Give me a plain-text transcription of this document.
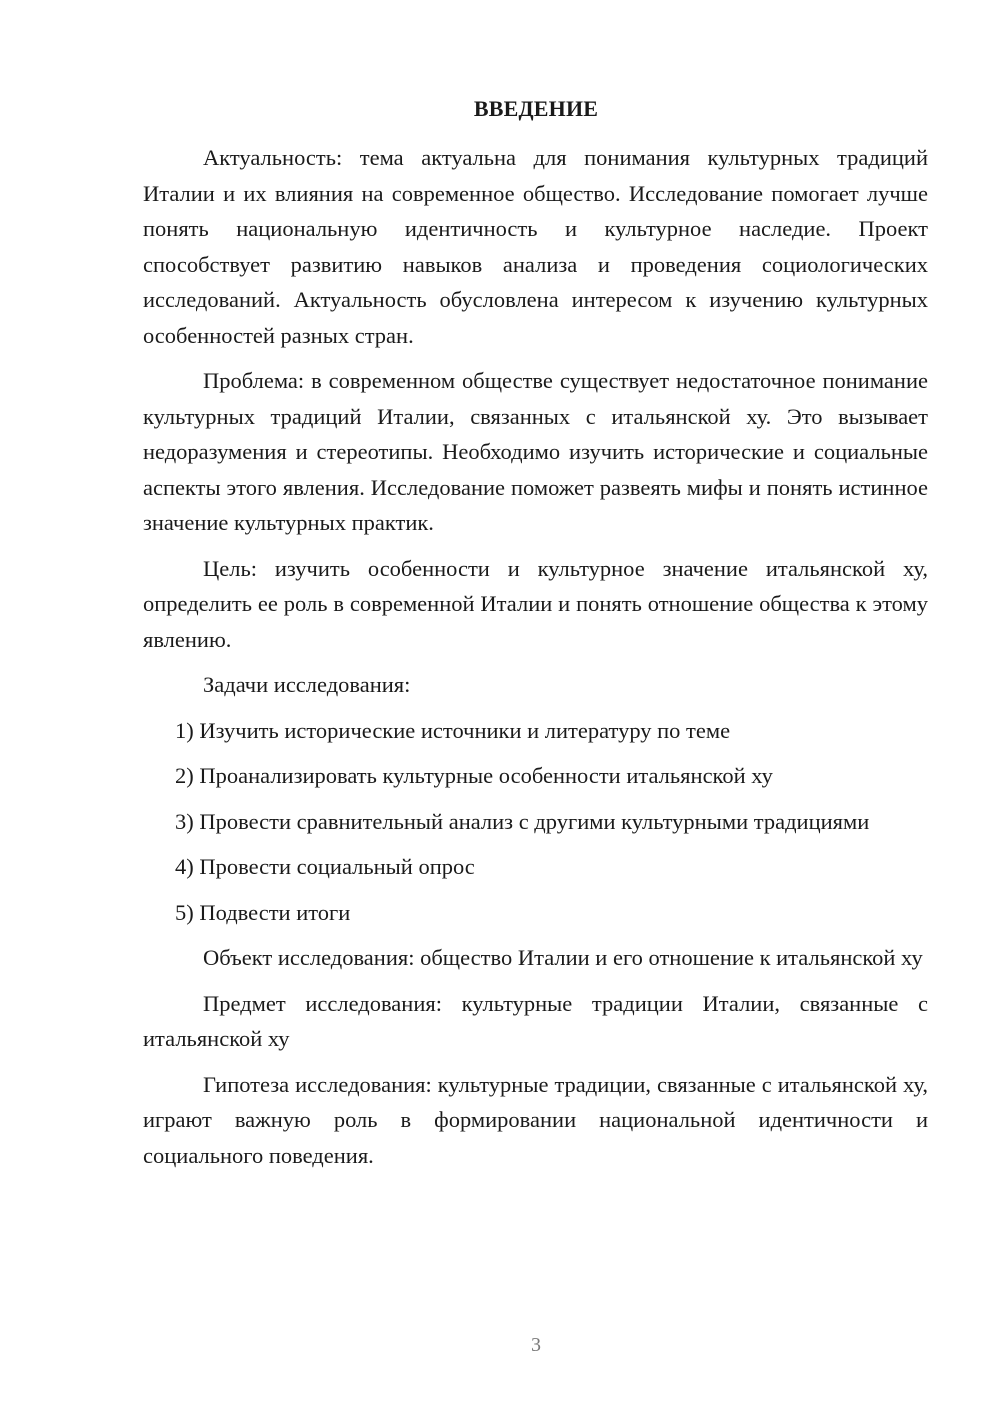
ВВЕДЕНИЕ

Актуальность: тема актуальна для понимания культурных традиций Италии и их влияния на современное общество. Исследование помогает лучше понять национальную идентичность и культурное наследие. Проект способствует развитию навыков анализа и проведения социологических исследований. Актуальность обусловлена интересом к изучению культурных особенностей разных стран.

Проблема: в современном обществе существует недостаточное понимание культурных традиций Италии, связанных с итальянской ху. Это вызывает недоразумения и стереотипы. Необходимо изучить исторические и социальные аспекты этого явления. Исследование поможет развеять мифы и понять истинное значение культурных практик.

Цель: изучить особенности и культурное значение итальянской ху, определить ее роль в современной Италии и понять отношение общества к этому явлению.

Задачи исследования:

1) Изучить исторические источники и литературу по теме

2) Проанализировать культурные особенности итальянской ху

3) Провести сравнительный анализ с другими культурными традициями

4) Провести социальный опрос

5) Подвести итоги

Объект исследования: общество Италии и его отношение к итальянской ху

Предмет исследования: культурные традиции Италии, связанные с итальянской ху

Гипотеза исследования: культурные традиции, связанные с итальянской ху, играют важную роль в формировании национальной идентичности и социального поведения.

3
